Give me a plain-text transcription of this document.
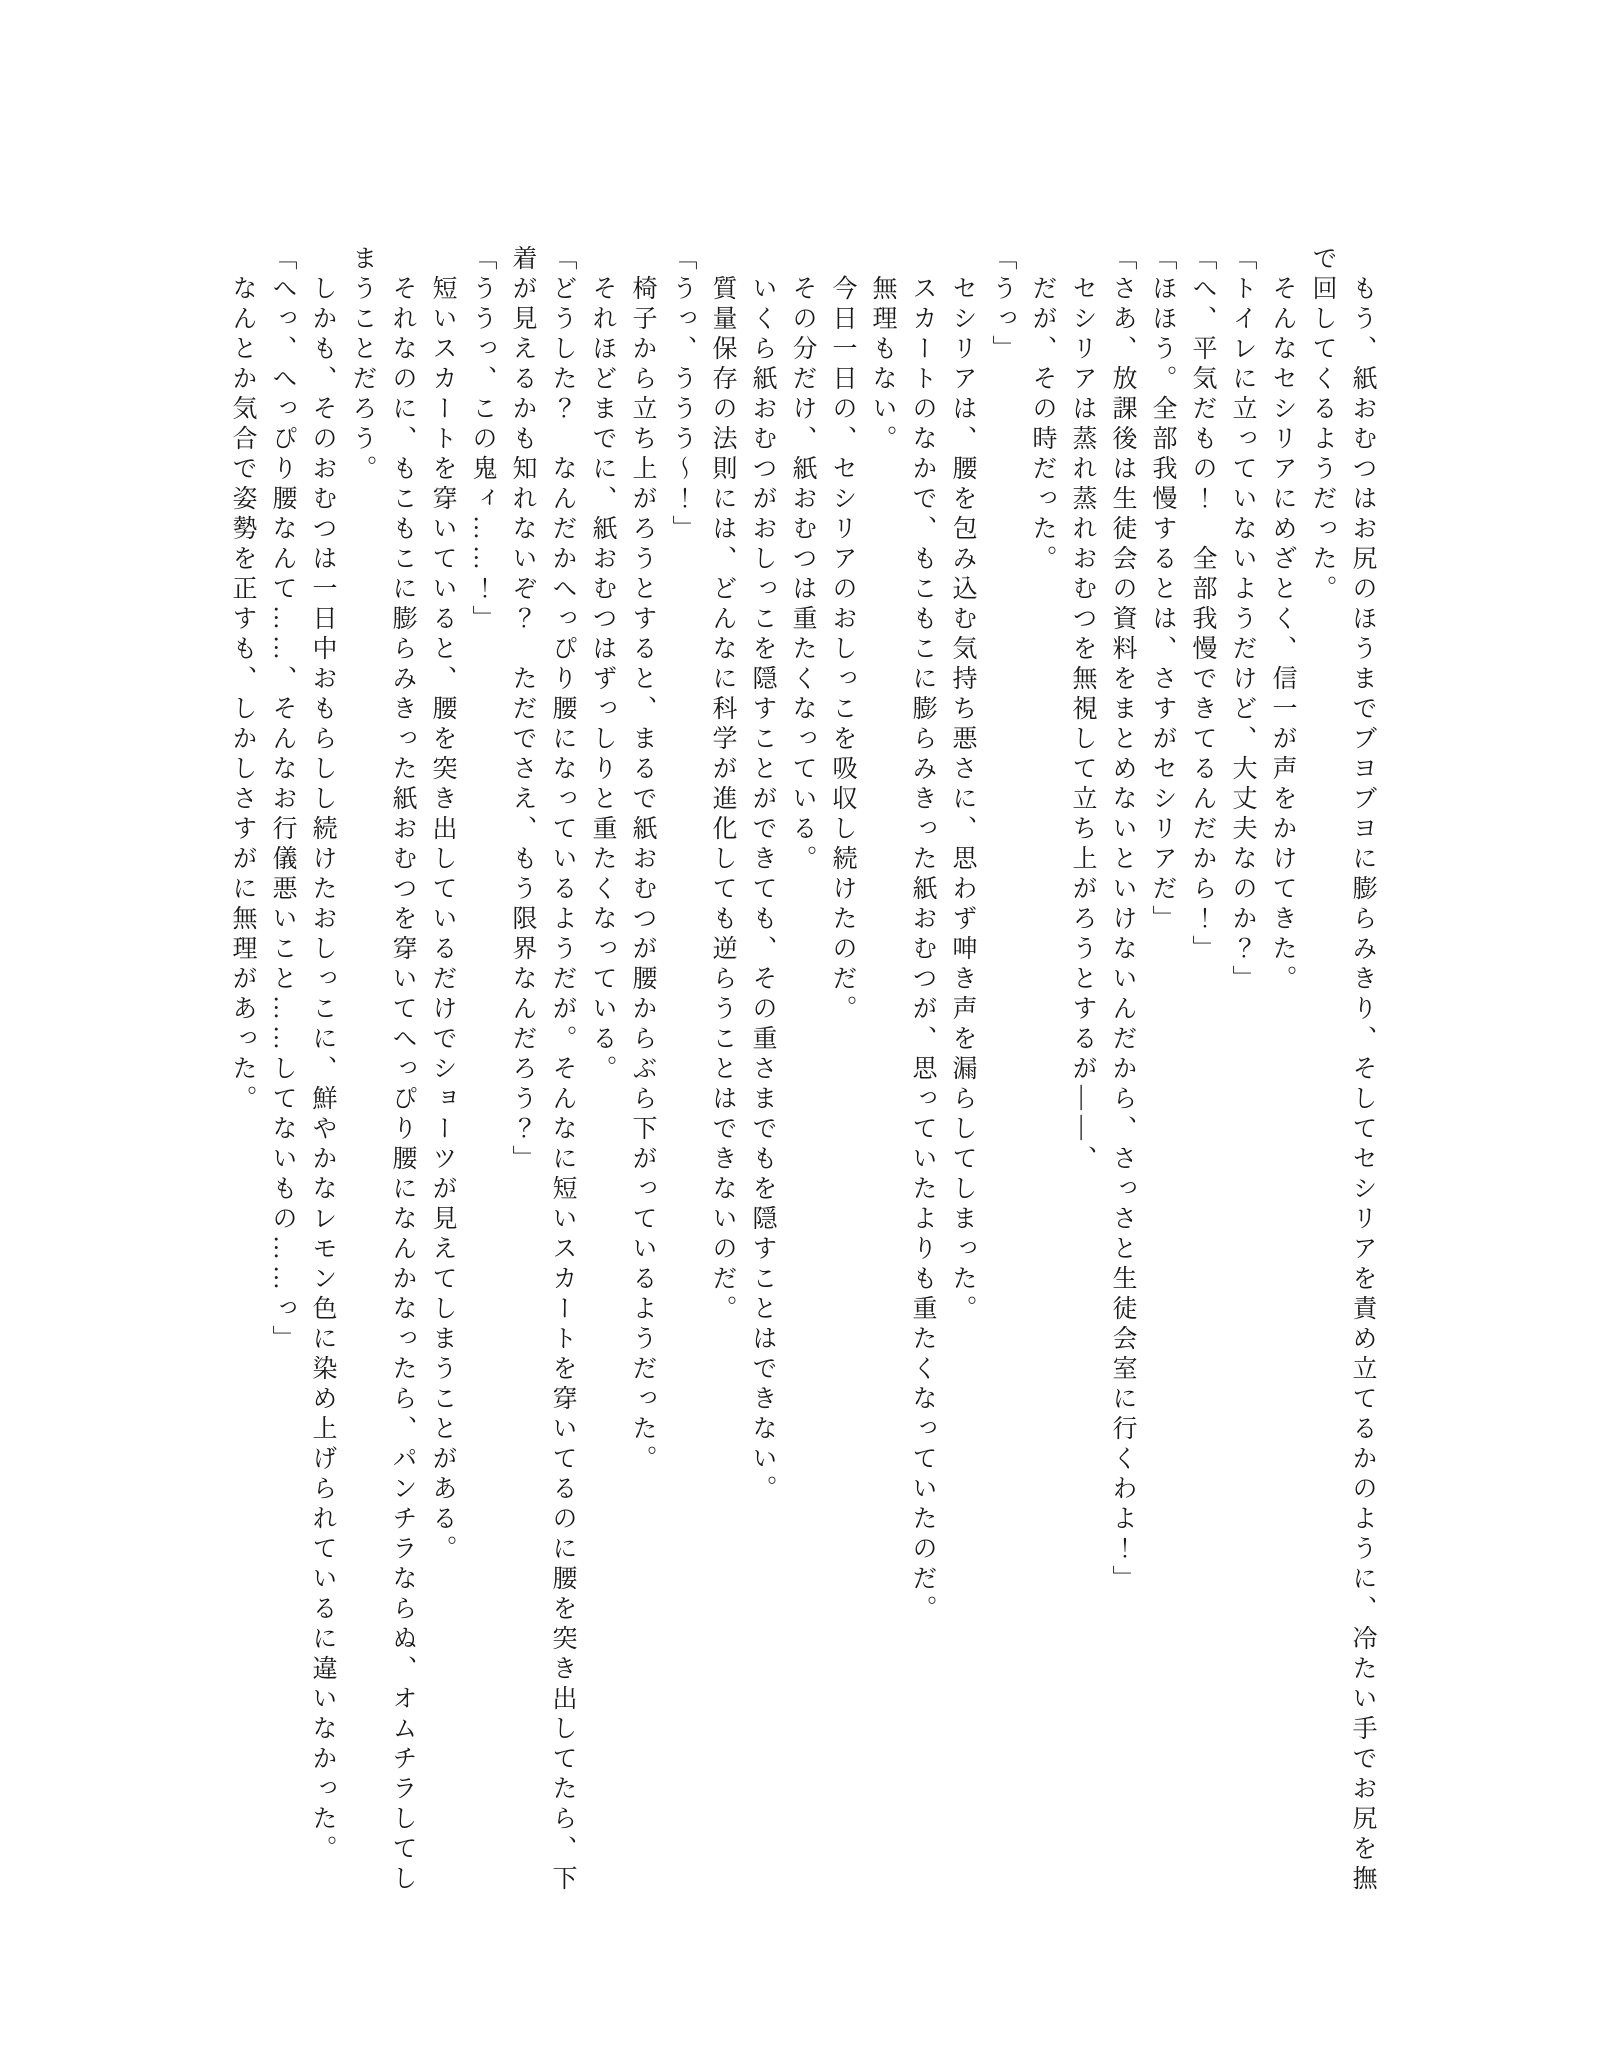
　もう、紙おむつはお尻のほうまでブヨブヨに膨らみきり、そしてセシリアを責め立てるかのように、冷たい手でお尻を撫

で回してくるようだった。

　そんなセシリアにめざとく、信一が声をかけてきた。

「トイレに立っていないようだけど、大丈夫なのか？」

「へ、平気だもの！　全部我慢できてるんだから！」

「ほほう。全部我慢するとは、さすがセシリアだ」

「さあ、放課後は生徒会の資料をまとめないといけないんだから、さっさと生徒会室に行くわよ！」

　セシリアは蒸れ蒸れおむつを無視して立ち上がろうとするが――、

　だが、その時だった。

「うっ」

　セシリアは、腰を包み込む気持ち悪さに、思わず呻き声を漏らしてしまった。

　スカートのなかで、もこもこに膨らみきった紙おむつが、思っていたよりも重たくなっていたのだ。

　無理もない。

　今日一日の、セシリアのおしっこを吸収し続けたのだ。

　その分だけ、紙おむつは重たくなっている。

　いくら紙おむつがおしっこを隠すことができても、その重さまでもを隠すことはできない。

　質量保存の法則には、どんなに科学が進化しても逆らうことはできないのだ。

「うっ、ううう～！」

　椅子から立ち上がろうとすると、まるで紙おむつが腰からぶら下がっているようだった。

　それほどまでに、紙おむつはずっしりと重たくなっている。

「どうした？　なんだかへっぴり腰になっているようだが。そんなに短いスカートを穿いてるのに腰を突き出してたら、下

着が見えるかも知れないぞ？　ただでさえ、もう限界なんだろう？」

「ううっ、この鬼ィ……！」

　短いスカートを穿いていると、腰を突き出しているだけでショーツが見えてしまうことがある。

　それなのに、もこもこに膨らみきった紙おむつを穿いてへっぴり腰になんかなったら、パンチラならぬ、オムチラしてし

まうことだろう。

　しかも、そのおむつは一日中おもらしし続けたおしっこに、鮮やかなレモン色に染め上げられているに違いなかった。

「へっ、へっぴり腰なんて……、そんなお行儀悪いこと……してないもの……っ」

　なんとか気合で姿勢を正すも、しかしさすがに無理があった。
